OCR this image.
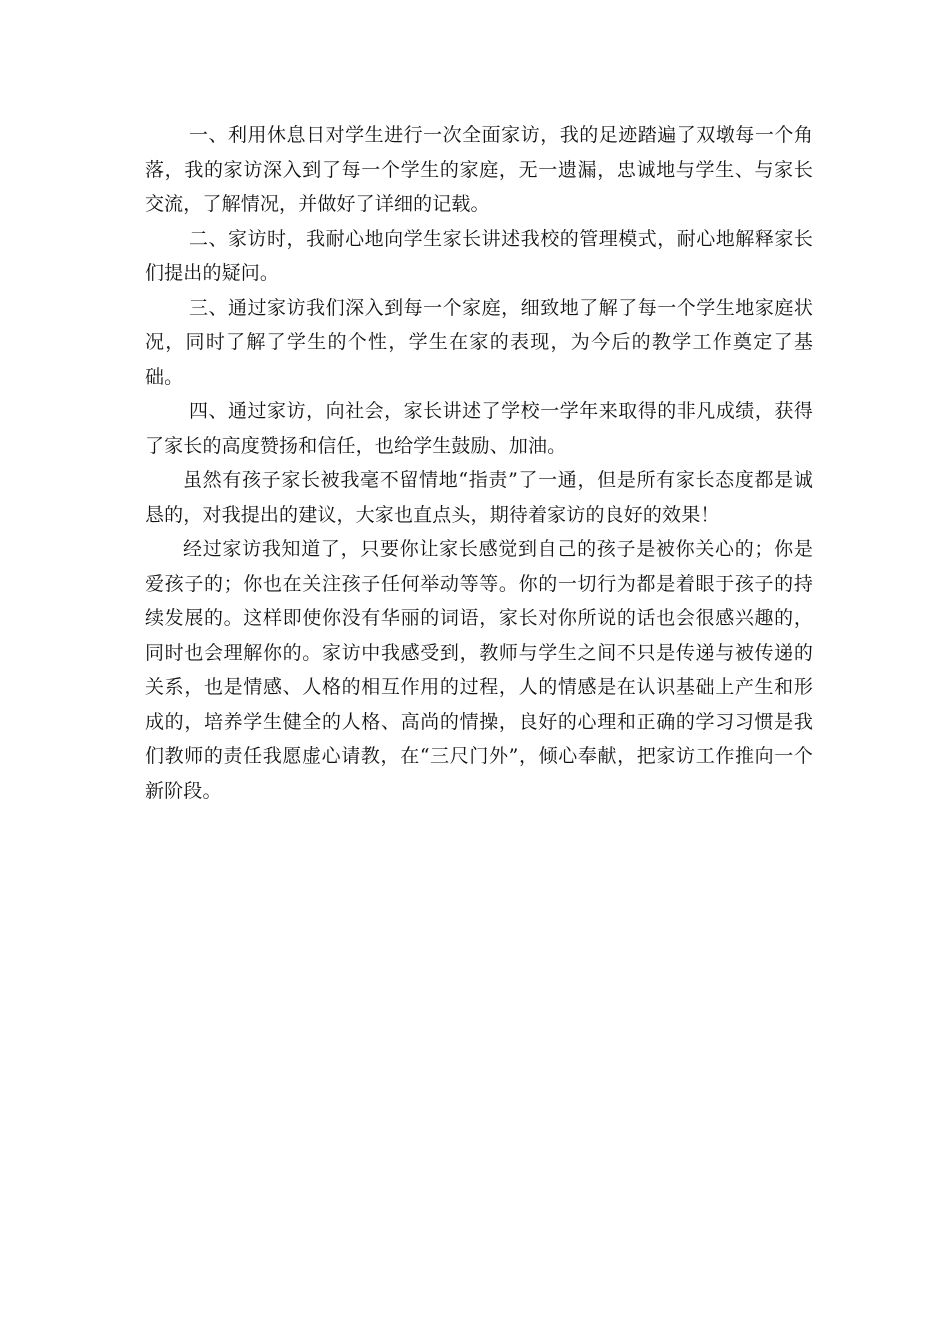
一、利用休息日对学生进行一次全面家访，我的足迹踏遍了双墩每一个角落，我的家访深入到了每一个学生的家庭，无一遗漏，忠诚地与学生、与家长交流，了解情况，并做好了详细的记载。

二、家访时，我耐心地向学生家长讲述我校的管理模式，耐心地解释家长们提出的疑问。

三、通过家访我们深入到每一个家庭，细致地了解了每一个学生地家庭状况，同时了解了学生的个性，学生在家的表现，为今后的教学工作奠定了基础。

四、通过家访，向社会，家长讲述了学校一学年来取得的非凡成绩，获得了家长的高度赞扬和信任，也给学生鼓励、加油。

虽然有孩子家长被我毫不留情地“指责”了一通，但是所有家长态度都是诚恳的，对我提出的建议，大家也直点头，期待着家访的良好的效果！

经过家访我知道了，只要你让家长感觉到自己的孩子是被你关心的；你是爱孩子的；你也在关注孩子任何举动等等。你的一切行为都是着眼于孩子的持续发展的。这样即使你没有华丽的词语，家长对你所说的话也会很感兴趣的，同时也会理解你的。家访中我感受到，教师与学生之间不只是传递与被传递的关系，也是情感、人格的相互作用的过程，人的情感是在认识基础上产生和形成的，培养学生健全的人格、高尚的情操，良好的心理和正确的学习习惯是我们教师的责任我愿虚心请教，在“三尺门外”，倾心奉献，把家访工作推向一个新阶段。
